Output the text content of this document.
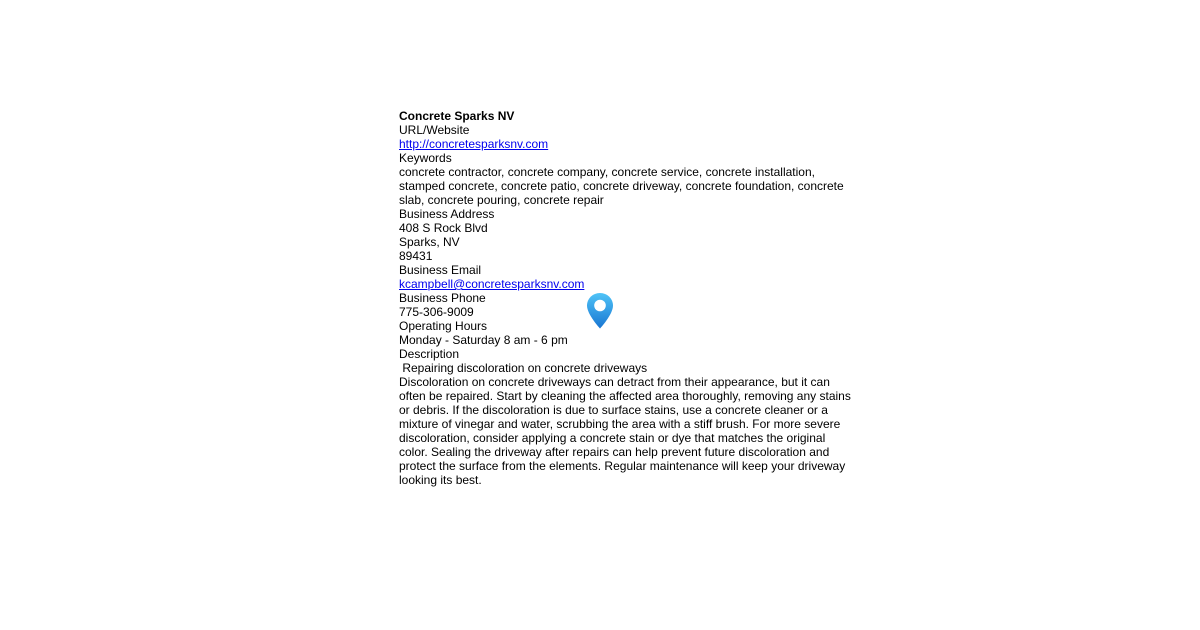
Concrete Sparks NV
URL/Website
http://concretesparksnv.com
Keywords
concrete contractor, concrete company, concrete service, concrete installation, stamped concrete, concrete patio, concrete driveway, concrete foundation, concrete slab, concrete pouring, concrete repair
Business Address
408 S Rock Blvd
Sparks, NV
89431
Business Email
kcampbell@concretesparksnv.com
Business Phone
775-306-9009
Operating Hours
Monday - Saturday 8 am - 6 pm
Description
Repairing discoloration on concrete driveways
Discoloration on concrete driveways can detract from their appearance, but it can often be repaired. Start by cleaning the affected area thoroughly, removing any stains or debris. If the discoloration is due to surface stains, use a concrete cleaner or a mixture of vinegar and water, scrubbing the area with a stiff brush. For more severe discoloration, consider applying a concrete stain or dye that matches the original color. Sealing the driveway after repairs can help prevent future discoloration and protect the surface from the elements. Regular maintenance will keep your driveway looking its best.
